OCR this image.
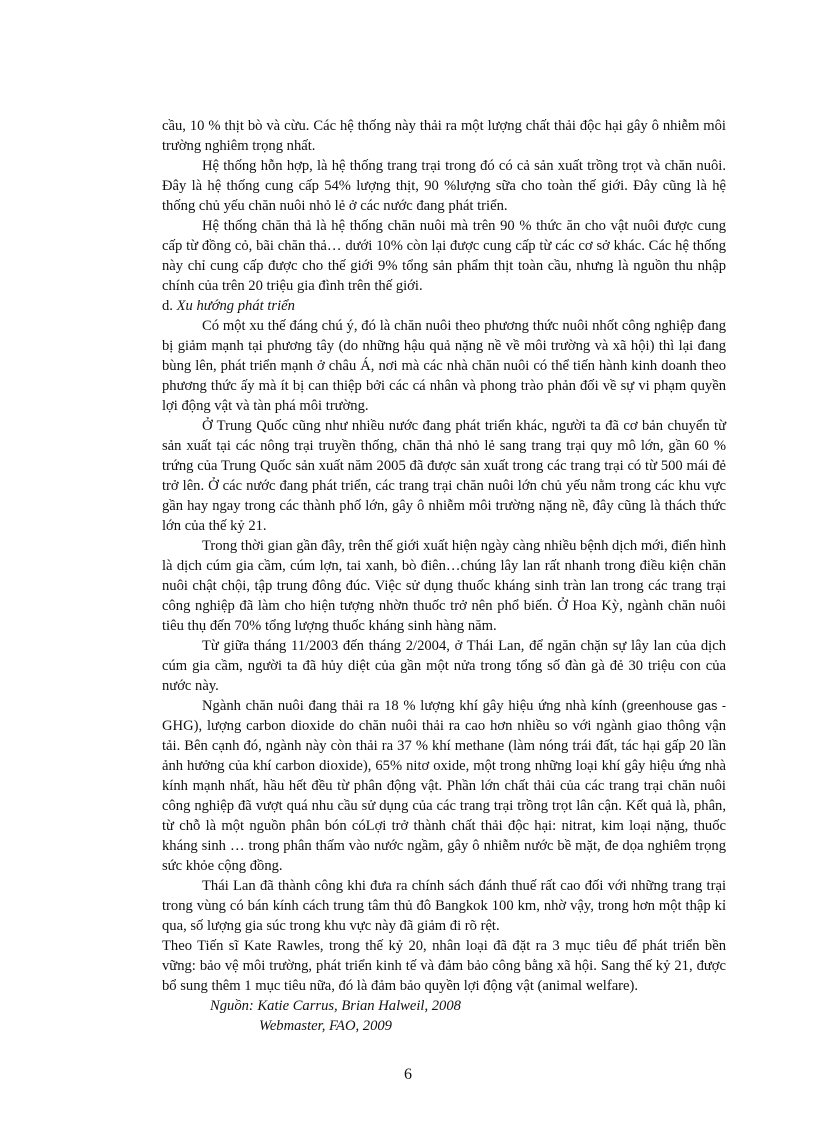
cầu, 10 % thịt bò và cừu. Các hệ thống này thải ra một lượng chất thải độc hại gây ô nhiễm môi trường nghiêm trọng nhất.

Hệ thống hỗn hợp, là hệ thống trang trại trong đó có cả sản xuất trồng trọt và chăn nuôi. Đây là hệ thống cung cấp 54% lượng thịt, 90 %lượng sữa cho toàn thế giới. Đây cũng là hệ thống chủ yếu chăn nuôi nhỏ lẻ ở các nước đang phát triển.

Hệ thống chăn thả là hệ thống chăn nuôi mà trên 90 % thức ăn cho vật nuôi được cung cấp từ đồng cỏ, bãi chăn thả… dưới 10% còn lại được cung cấp từ các cơ sở khác. Các hệ thống này chỉ cung cấp được cho thế giới 9% tổng sản phẩm thịt toàn cầu, nhưng là nguồn thu nhập chính của trên 20 triệu gia đình trên thế giới.

d. Xu hướng phát triển

Có một xu thế đáng chú ý, đó là chăn nuôi theo phương thức nuôi nhốt công nghiệp đang bị giảm mạnh tại phương tây (do những hậu quả nặng nề về môi trường và xã hội) thì lại đang bùng lên, phát triển mạnh ở châu Á, nơi mà các nhà chăn nuôi có thể tiến hành kinh doanh theo phương thức ấy mà ít bị can thiệp bởi các cá nhân và phong trào phản đối về sự vi phạm quyền lợi động vật và tàn phá môi trường.

Ở Trung Quốc cũng như nhiều nước đang phát triển khác, người ta đã cơ bản chuyển từ sản xuất tại các nông trại truyền thống, chăn thả nhỏ lẻ sang trang trại quy mô lớn, gần 60 % trứng của Trung Quốc sản xuất năm 2005 đã được sản xuất trong các trang trại có từ 500 mái đẻ trở lên. Ở các nước đang phát triển, các trang trại chăn nuôi lớn chủ yếu nằm trong các khu vực gần hay ngay trong các thành phố lớn, gây ô nhiễm môi trường nặng nề, đây cũng là thách thức lớn của thế kỷ 21.

Trong thời gian gần đây, trên thế giới xuất hiện ngày càng nhiều bệnh dịch mới, điển hình là dịch cúm gia cầm, cúm lợn, tai xanh, bò điên…chúng lây lan rất nhanh trong điều kiện chăn nuôi chật chội, tập trung đông đúc. Việc sử dụng thuốc kháng sinh tràn lan trong các trang trại công nghiệp đã làm cho hiện tượng nhờn thuốc trở nên phổ biến. Ở Hoa Kỳ, ngành chăn nuôi tiêu thụ đến 70% tổng lượng thuốc kháng sinh hàng năm.

Từ giữa tháng 11/2003 đến tháng 2/2004, ở Thái Lan, để ngăn chặn sự lây lan của dịch cúm gia cầm, người ta đã hủy diệt của gần một nửa trong tổng số đàn gà đẻ 30 triệu con của nước này.

Ngành chăn nuôi đang thải ra 18 % lượng khí gây hiệu ứng nhà kính (greenhouse gas - GHG), lượng carbon dioxide do chăn nuôi thải ra cao hơn nhiều so với ngành giao thông vận tải. Bên cạnh đó, ngành này còn thải ra 37 % khí methane (làm nóng trái đất, tác hại gấp 20 lần ảnh hưởng của khí carbon dioxide), 65% nitơ oxide, một trong những loại khí gây hiệu ứng nhà kính mạnh nhất, hầu hết đều từ phân động vật. Phần lớn chất thải của các trang trại chăn nuôi công nghiệp đã vượt quá nhu cầu sử dụng của các trang trại trồng trọt lân cận. Kết quả là, phân, từ chỗ là một nguồn phân bón cóLợi trở thành chất thải độc hại: nitrat, kim loại nặng, thuốc kháng sinh … trong phân thấm vào nước ngầm, gây ô nhiễm nước bề mặt, đe dọa nghiêm trọng sức khỏe cộng đồng.

Thái Lan đã thành công khi đưa ra chính sách đánh thuế rất cao đối với những trang trại trong vùng có bán kính cách trung tâm thủ đô Bangkok 100 km, nhờ vậy, trong hơn một thập kỉ qua, số lượng gia súc trong khu vực này đã giảm đi rõ rệt.

Theo Tiến sĩ Kate Rawles, trong thế kỷ 20, nhân loại đã đặt ra 3 mục tiêu để phát triển bền vững: bảo vệ môi trường, phát triển kinh tế và đảm bảo công bằng xã hội. Sang thế kỷ 21, được bổ sung thêm 1 mục tiêu nữa, đó là đảm bảo quyền lợi động vật (animal welfare).

Nguồn: Katie Carrus, Brian Halweil, 2008

Webmaster, FAO, 2009

6
